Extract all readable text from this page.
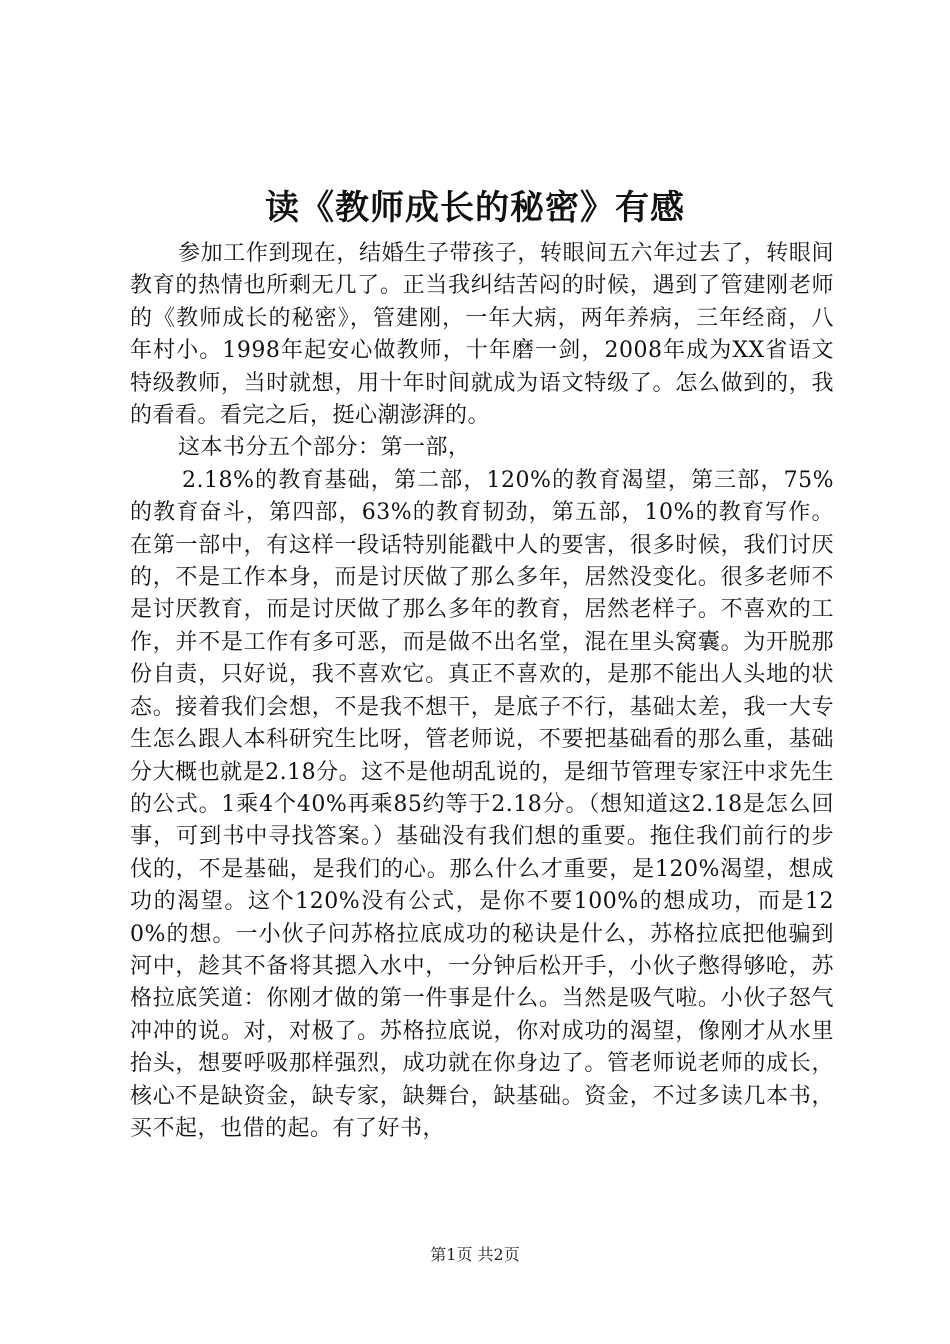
读《教师成长的秘密》有感

参加工作到现在，结婚生子带孩子，转眼间五六年过去了，转眼间教育的热情也所剩无几了。正当我纠结苦闷的时候，遇到了管建刚老师的《教师成长的秘密》，管建刚，一年大病，两年养病，三年经商，八年村小。1998年起安心做教师，十年磨一剑，2008年成为XX省语文特级教师，当时就想，用十年时间就成为语文特级了。怎么做到的，我的看看。看完之后，挺心潮澎湃的。

这本书分五个部分：第一部，

2.18%的教育基础，第二部，120%的教育渴望，第三部，75%的教育奋斗，第四部，63%的教育韧劲，第五部，10%的教育写作。在第一部中，有这样一段话特别能戳中人的要害，很多时候，我们讨厌的，不是工作本身，而是讨厌做了那么多年，居然没变化。很多老师不是讨厌教育，而是讨厌做了那么多年的教育，居然老样子。不喜欢的工作，并不是工作有多可恶，而是做不出名堂，混在里头窝囊。为开脱那份自责，只好说，我不喜欢它。真正不喜欢的，是那不能出人头地的状态。接着我们会想，不是我不想干，是底子不行，基础太差，我一大专生怎么跟人本科研究生比呀，管老师说，不要把基础看的那么重，基础分大概也就是2.18分。这不是他胡乱说的，是细节管理专家汪中求先生的公式。1乘4个40%再乘85约等于2.18分。（想知道这2.18是怎么回事，可到书中寻找答案。）基础没有我们想的重要。拖住我们前行的步伐的，不是基础，是我们的心。那么什么才重要，是120%渴望，想成功的渴望。这个120%没有公式，是你不要100%的想成功，而是120%的想。一小伙子问苏格拉底成功的秘诀是什么，苏格拉底把他骗到河中，趁其不备将其摁入水中，一分钟后松开手，小伙子憋得够呛，苏格拉底笑道：你刚才做的第一件事是什么。当然是吸气啦。小伙子怒气冲冲的说。对，对极了。苏格拉底说，你对成功的渴望，像刚才从水里抬头，想要呼吸那样强烈，成功就在你身边了。管老师说老师的成长，核心不是缺资金，缺专家，缺舞台，缺基础。资金，不过多读几本书，买不起，也借的起。有了好书，

第1页 共2页
